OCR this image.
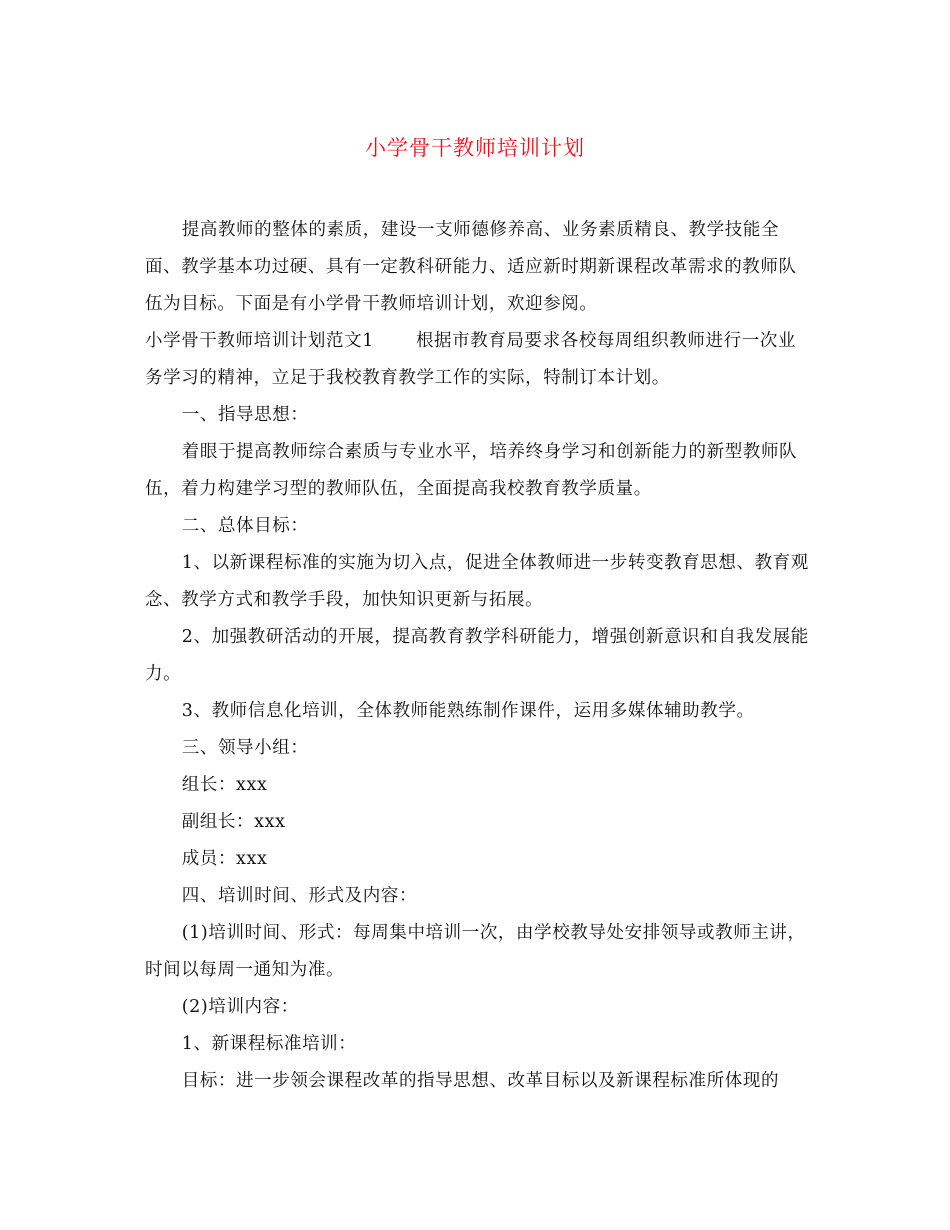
小学骨干教师培训计划

提高教师的整体的素质，建设一支师德修养高、业务素质精良、教学技能全面、教学基本功过硬、具有一定教科研能力、适应新时期新课程改革需求的教师队伍为目标。下面是有小学骨干教师培训计划，欢迎参阅。

小学骨干教师培训计划范文1 根据市教育局要求各校每周组织教师进行一次业务学习的精神，立足于我校教育教学工作的实际，特制订本计划。

一、指导思想：

着眼于提高教师综合素质与专业水平，培养终身学习和创新能力的新型教师队伍，着力构建学习型的教师队伍，全面提高我校教育教学质量。

二、总体目标：

1、以新课程标准的实施为切入点，促进全体教师进一步转变教育思想、教育观念、教学方式和教学手段，加快知识更新与拓展。

2、加强教研活动的开展，提高教育教学科研能力，增强创新意识和自我发展能力。

3、教师信息化培训，全体教师能熟练制作课件，运用多媒体辅助教学。

三、领导小组：

组长：xxx

副组长：xxx

成员：xxx

四、培训时间、形式及内容：

(1)培训时间、形式：每周集中培训一次，由学校教导处安排领导或教师主讲，时间以每周一通知为准。

(2)培训内容：

1、新课程标准培训：

目标：进一步领会课程改革的指导思想、改革目标以及新课程标准所体现的
